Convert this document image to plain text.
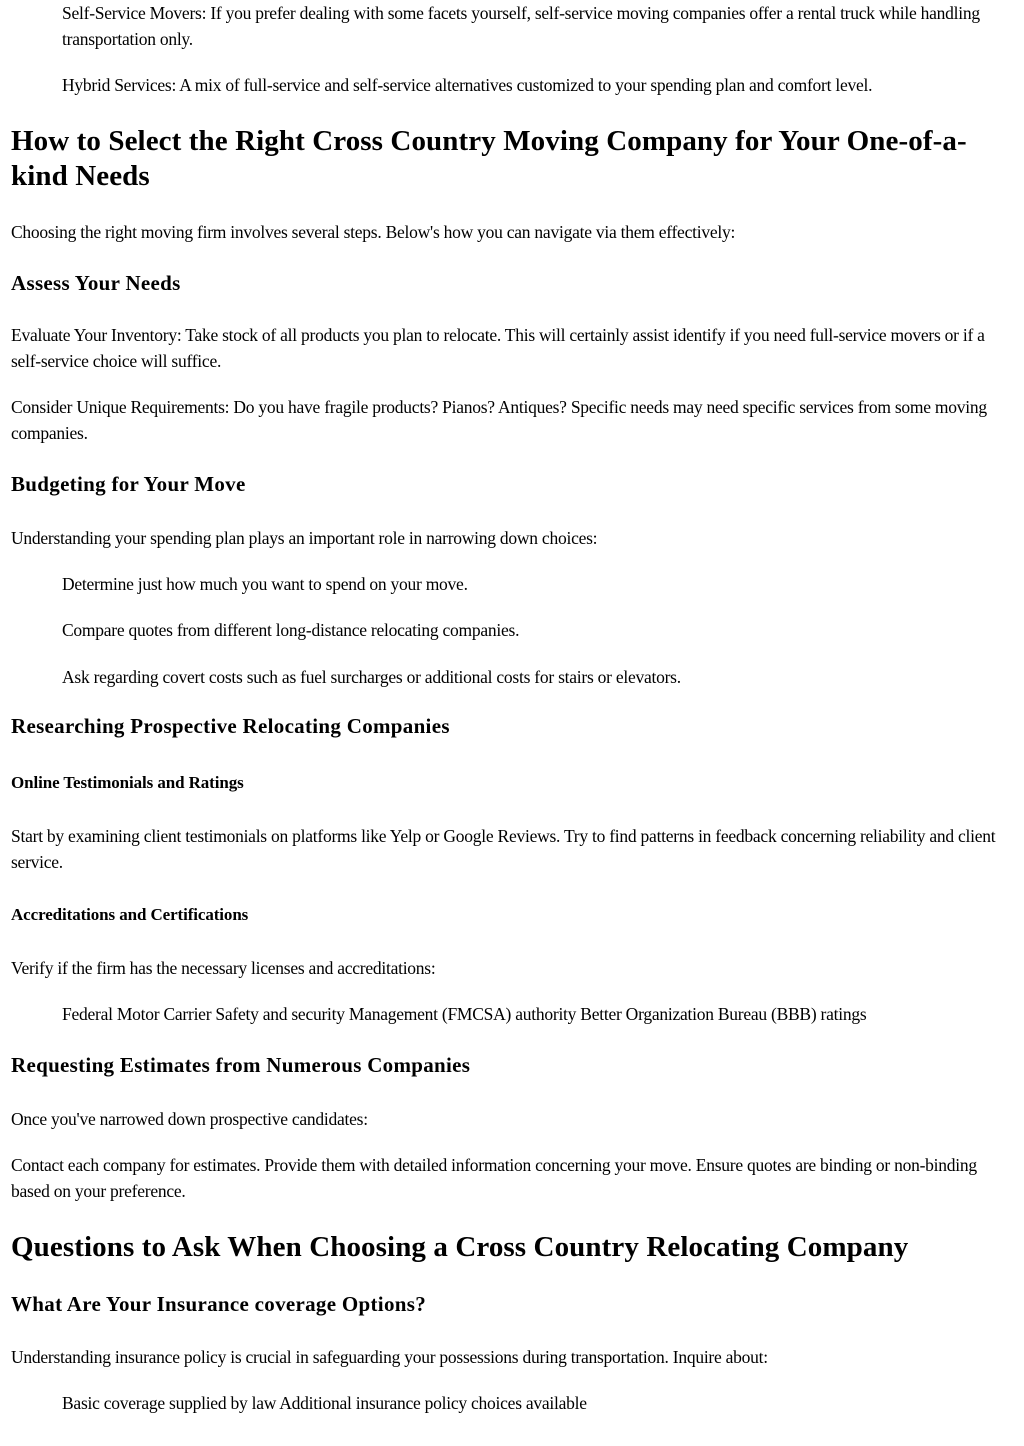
Self-Service Movers: If you prefer dealing with some facets yourself, self-service moving companies offer a rental truck while handling transportation only.

Hybrid Services: A mix of full-service and self-service alternatives customized to your spending plan and comfort level.

How to Select the Right Cross Country Moving Company for Your One-of-a-kind Needs

Choosing the right moving firm involves several steps. Below's how you can navigate via them effectively:

Assess Your Needs

Evaluate Your Inventory: Take stock of all products you plan to relocate. This will certainly assist identify if you need full-service movers or if a self-service choice will suffice.

Consider Unique Requirements: Do you have fragile products? Pianos? Antiques? Specific needs may need specific services from some moving companies.

Budgeting for Your Move

Understanding your spending plan plays an important role in narrowing down choices:

Determine just how much you want to spend on your move.

Compare quotes from different long-distance relocating companies.

Ask regarding covert costs such as fuel surcharges or additional costs for stairs or elevators.

Researching Prospective Relocating Companies
Online Testimonials and Ratings

Start by examining client testimonials on platforms like Yelp or Google Reviews. Try to find patterns in feedback concerning reliability and client service.

Accreditations and Certifications

Verify if the firm has the necessary licenses and accreditations:

Federal Motor Carrier Safety and security Management (FMCSA) authority Better Organization Bureau (BBB) ratings

Requesting Estimates from Numerous Companies

Once you've narrowed down prospective candidates:

Contact each company for estimates. Provide them with detailed information concerning your move. Ensure quotes are binding or non-binding based on your preference.

Questions to Ask When Choosing a Cross Country Relocating Company
What Are Your Insurance coverage Options?

Understanding insurance policy is crucial in safeguarding your possessions during transportation. Inquire about:

Basic coverage supplied by law Additional insurance policy choices available
